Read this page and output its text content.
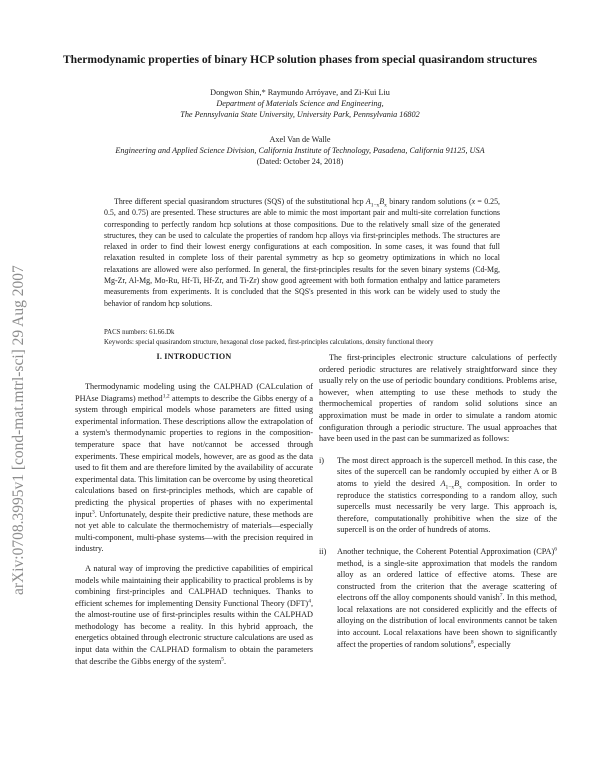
arXiv:0708.3995v1 [cond-mat.mtrl-sci] 29 Aug 2007
Thermodynamic properties of binary HCP solution phases from special quasirandom structures
Dongwon Shin,* Raymundo Arróyave, and Zi-Kui Liu
Department of Materials Science and Engineering,
The Pennsylvania State University, University Park, Pennsylvania 16802
Axel Van de Walle
Engineering and Applied Science Division, California Institute of Technology, Pasadena, California 91125, USA
(Dated: October 24, 2018)
Three different special quasirandom structures (SQS) of the substitutional hcp $A_{1-x}B_x$ binary random solutions (x = 0.25, 0.5, and 0.75) are presented. These structures are able to mimic the most important pair and multi-site correlation functions corresponding to perfectly random hcp solutions at those compositions. Due to the relatively small size of the generated structures, they can be used to calculate the properties of random hcp alloys via first-principles methods. The structures are relaxed in order to find their lowest energy configurations at each composition. In some cases, it was found that full relaxation resulted in complete loss of their parental symmetry as hcp so geometry optimizations in which no local relaxations are allowed were also performed. In general, the first-principles results for the seven binary systems (Cd-Mg, Mg-Zr, Al-Mg, Mo-Ru, Hf-Ti, Hf-Zr, and Ti-Zr) show good agreement with both formation enthalpy and lattice parameters measurements from experiments. It is concluded that the SQS's presented in this work can be widely used to study the behavior of random hcp solutions.
PACS numbers: 61.66.Dk
Keywords: special quasirandom structure, hexagonal close packed, first-principles calculations, density functional theory
I. INTRODUCTION

Thermodynamic modeling using the CALPHAD (CALculation of PHAse Diagrams) method$^{1,2}$ attempts to describe the Gibbs energy of a system through empirical models whose parameters are fitted using experimental information. These descriptions allow the extrapolation of a system's thermodynamic properties to regions in the composition-temperature space that have not/cannot be accessed through experiments. These empirical models, however, are as good as the data used to fit them and are therefore limited by the availability of accurate experimental data. This limitation can be overcome by using theoretical calculations based on first-principles methods, which are capable of predicting the physical properties of phases with no experimental input$^3$. Unfortunately, despite their predictive nature, these methods are not yet able to calculate the thermochemistry of materials—especially multi-component, multi-phase systems—with the precision required in industry.

A natural way of improving the predictive capabilities of empirical models while maintaining their applicability to practical problems is by combining first-principles and CALPHAD techniques. Thanks to efficient schemes for implementing Density Functional Theory (DFT)$^4$, the almost-routine use of first-principles results within the CALPHAD methodology has become a reality. In this hybrid approach, the energetics obtained through electronic structure calculations are used as input data within the CALPHAD formalism to obtain the parameters that describe the Gibbs energy of the system$^5$.

The first-principles electronic structure calculations of perfectly ordered periodic structures are relatively straightforward since they usually rely on the use of periodic boundary conditions. Problems arise, however, when attempting to use these methods to study the thermochemical properties of random solid solutions since an approximation must be made in order to simulate a random atomic configuration through a periodic structure. The usual approaches that have been used in the past can be summarized as follows:

i) The most direct approach is the supercell method. In this case, the sites of the supercell can be randomly occupied by either A or B atoms to yield the desired $A_{1-x}B_x$ composition. In order to reproduce the statistics corresponding to a random alloy, such supercells must necessarily be very large. This approach is, therefore, computationally prohibitive when the size of the supercell is on the order of hundreds of atoms.
ii) Another technique, the Coherent Potential Approximation (CPA)$^6$ method, is a single-site approximation that models the random alloy as an ordered lattice of effective atoms. These are constructed from the criterion that the average scattering of electrons off the alloy components should vanish$^7$. In this method, local relaxations are not considered explicitly and the effects of alloying on the distribution of local environments cannot be taken into account. Local relaxations have been shown to significantly affect the properties of random solutions$^8$, especially
